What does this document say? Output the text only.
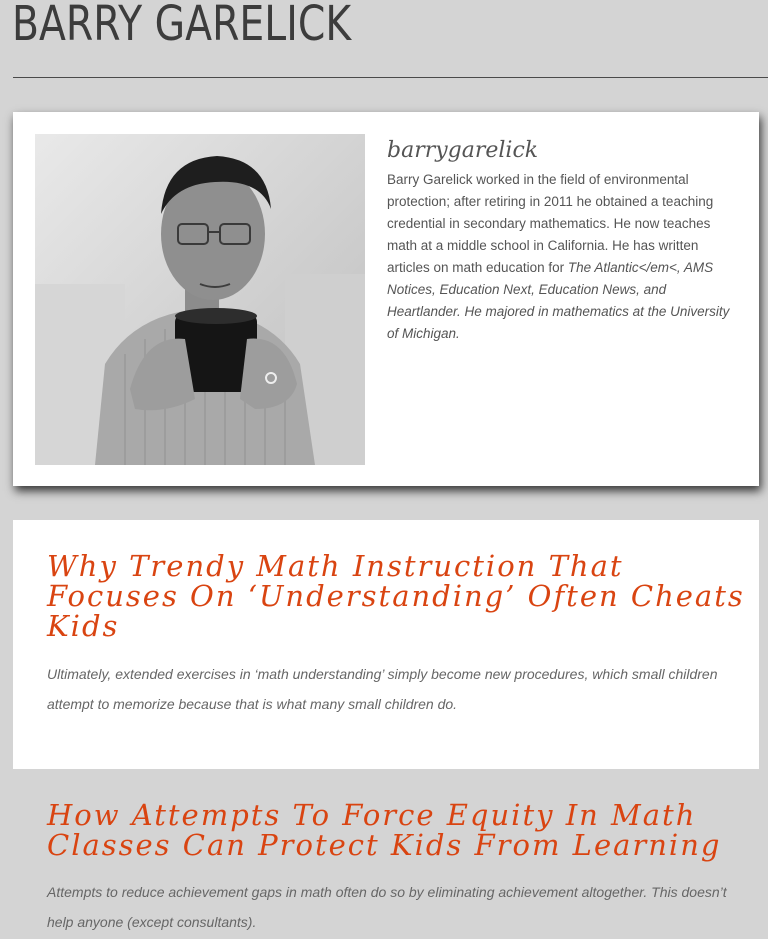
BARRY GARELICK
barrygarelick

Barry Garelick worked in the field of environmental protection; after retiring in 2011 he obtained a teaching credential in secondary mathematics. He now teaches math at a middle school in California. He has written articles on math education for The Atlantic</em<, AMS Notices, Education Next, Education News, and Heartlander. He majored in mathematics at the University of Michigan.

Why Trendy Math Instruction That Focuses On ‘Understanding’ Often Cheats Kids

Ultimately, extended exercises in ‘math understanding’ simply become new procedures, which small children attempt to memorize because that is what many small children do.

How Attempts To Force Equity In Math Classes Can Protect Kids From Learning

Attempts to reduce achievement gaps in math often do so by eliminating achievement altogether. This doesn’t help anyone (except consultants).
